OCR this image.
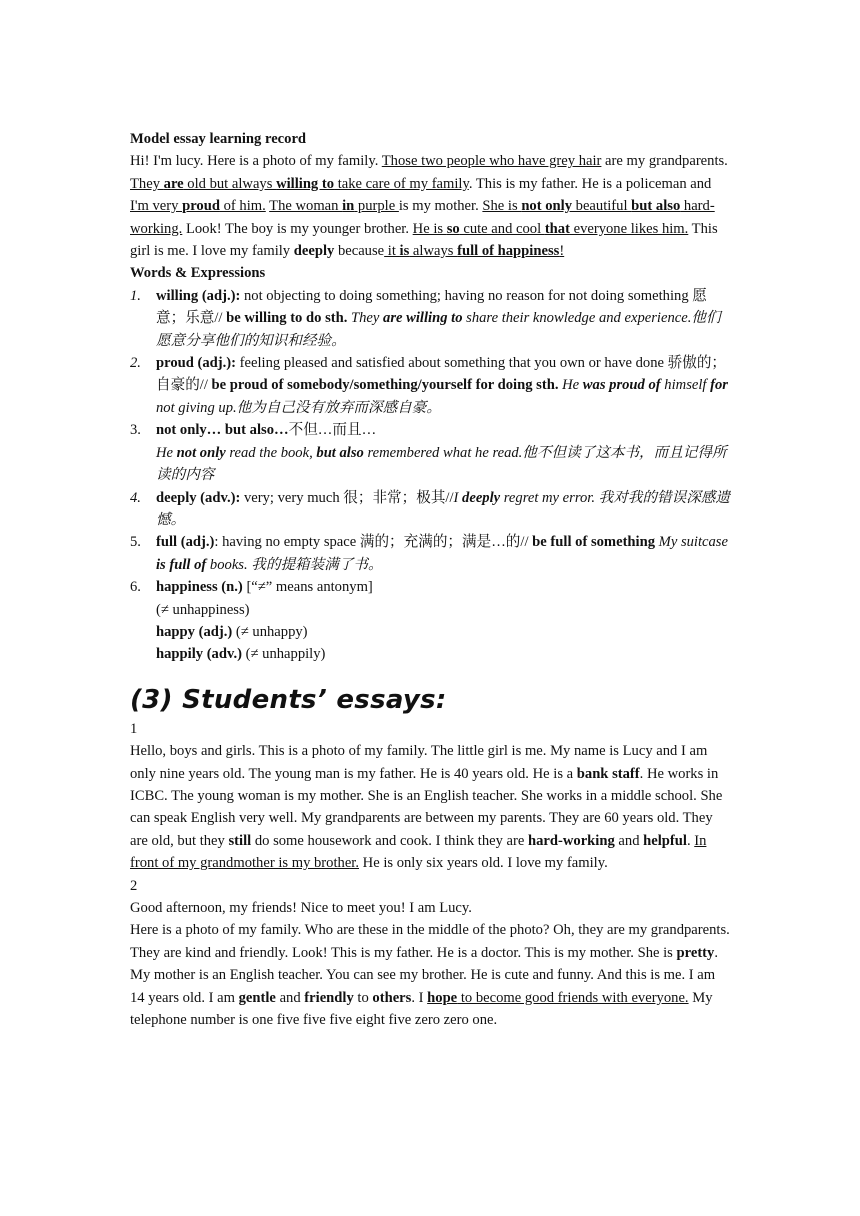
Model essay learning record

Hi! I'm lucy. Here is a photo of my family. Those two people who have grey hair are my grandparents. They are old but always willing to take care of my family. This is my father. He is a policeman and I'm very proud of him. The woman in purple is my mother. She is not only beautiful but also hard-working. Look! The boy is my younger brother. He is so cute and cool that everyone likes him. This girl is me. I love my family deeply because it is always full of happiness!

Words & Expressions

1. willing (adj.): not objecting to doing something; having no reason for not doing something 愿意；乐意// be willing to do sth. They are willing to share their knowledge and experience.他们愿意分享他们的知识和经验。
2. proud (adj.): feeling pleased and satisfied about something that you own or have done 骄傲的；自豪的// be proud of somebody/something/yourself for doing sth. He was proud of himself for not giving up.他为自己没有放弃而深感自豪。
3. not only… but also…不但…而且…
He not only read the book, but also remembered what he read.他不但读了这本书，而且记得所读的内容
4. deeply (adv.): very; very much 很；非常；极其//I deeply regret my error. 我对我的错误深感遗憾。
5. full (adj.): having no empty space 满的；充满的；满是…的// be full of something My suitcase is full of books. 我的提箱装满了书。
6. happiness (n.) [“≠” means antonym]
(≠ unhappiness)
happy (adj.) (≠ unhappy)
happily (adv.) (≠ unhappily)

(3) Students’ essays:

1

Hello, boys and girls. This is a photo of my family. The little girl is me. My name is Lucy and I am only nine years old. The young man is my father. He is 40 years old. He is a bank staff. He works in ICBC. The young woman is my mother. She is an English teacher. She works in a middle school. She can speak English very well. My grandparents are between my parents. They are 60 years old. They are old, but they still do some housework and cook. I think they are hard-working and helpful. In front of my grandmother is my brother. He is only six years old. I love my family.

2

Good afternoon, my friends! Nice to meet you! I am Lucy.

Here is a photo of my family. Who are these in the middle of the photo? Oh, they are my grandparents. They are kind and friendly. Look! This is my father. He is a doctor. This is my mother. She is pretty. My mother is an English teacher. You can see my brother. He is cute and funny. And this is me. I am 14 years old. I am gentle and friendly to others. I hope to become good friends with everyone. My telephone number is one five five five eight five zero zero one.
